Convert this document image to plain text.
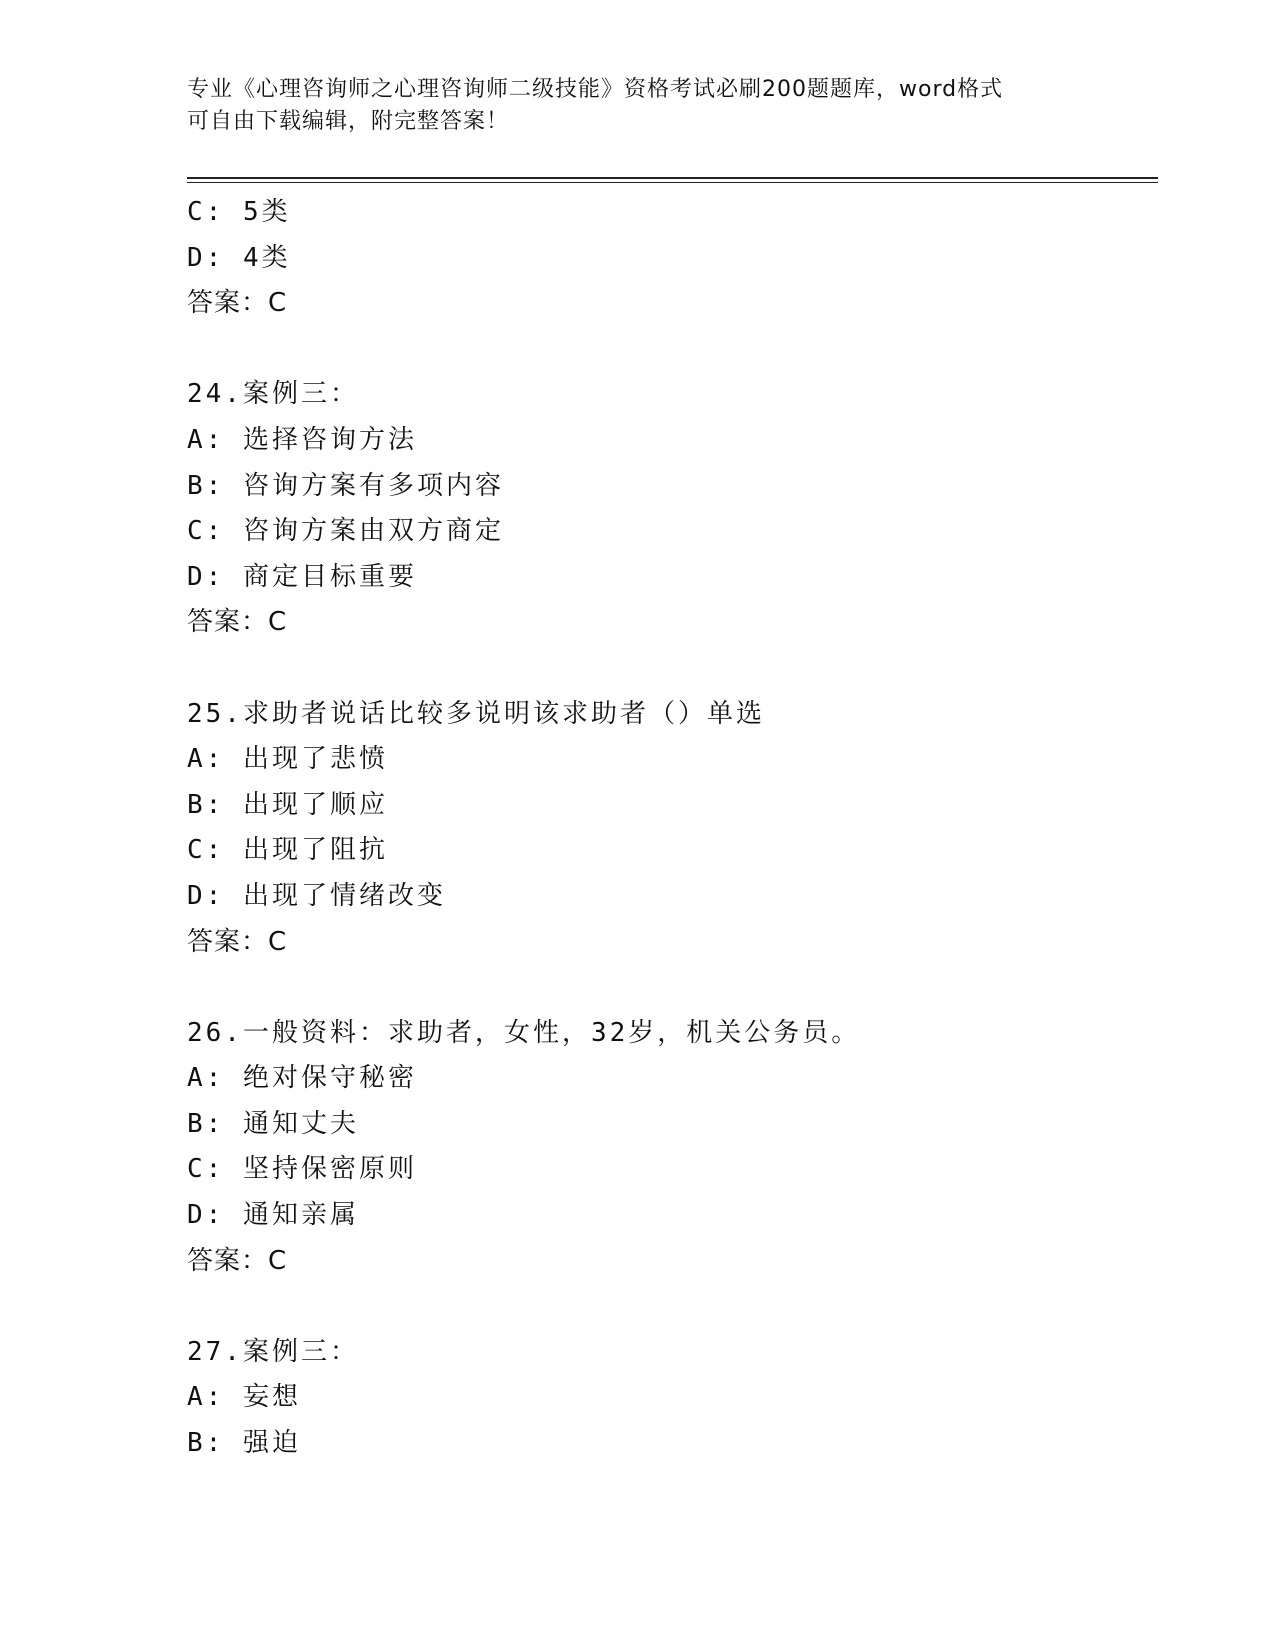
专业《心理咨询师之心理咨询师二级技能》资格考试必刷200题题库，word格式
可自由下载编辑，附完整答案！
C: 5类
D: 4类
答案：C
24.案例三：
A: 选择咨询方法
B: 咨询方案有多项内容
C: 咨询方案由双方商定
D: 商定目标重要
答案：C
25.求助者说话比较多说明该求助者（）单选
A: 出现了悲愤
B: 出现了顺应
C: 出现了阻抗
D: 出现了情绪改变
答案：C
26.一般资料：求助者，女性，32岁，机关公务员。
A: 绝对保守秘密
B: 通知丈夫
C: 坚持保密原则
D: 通知亲属
答案：C
27.案例三：
A: 妄想
B: 强迫
